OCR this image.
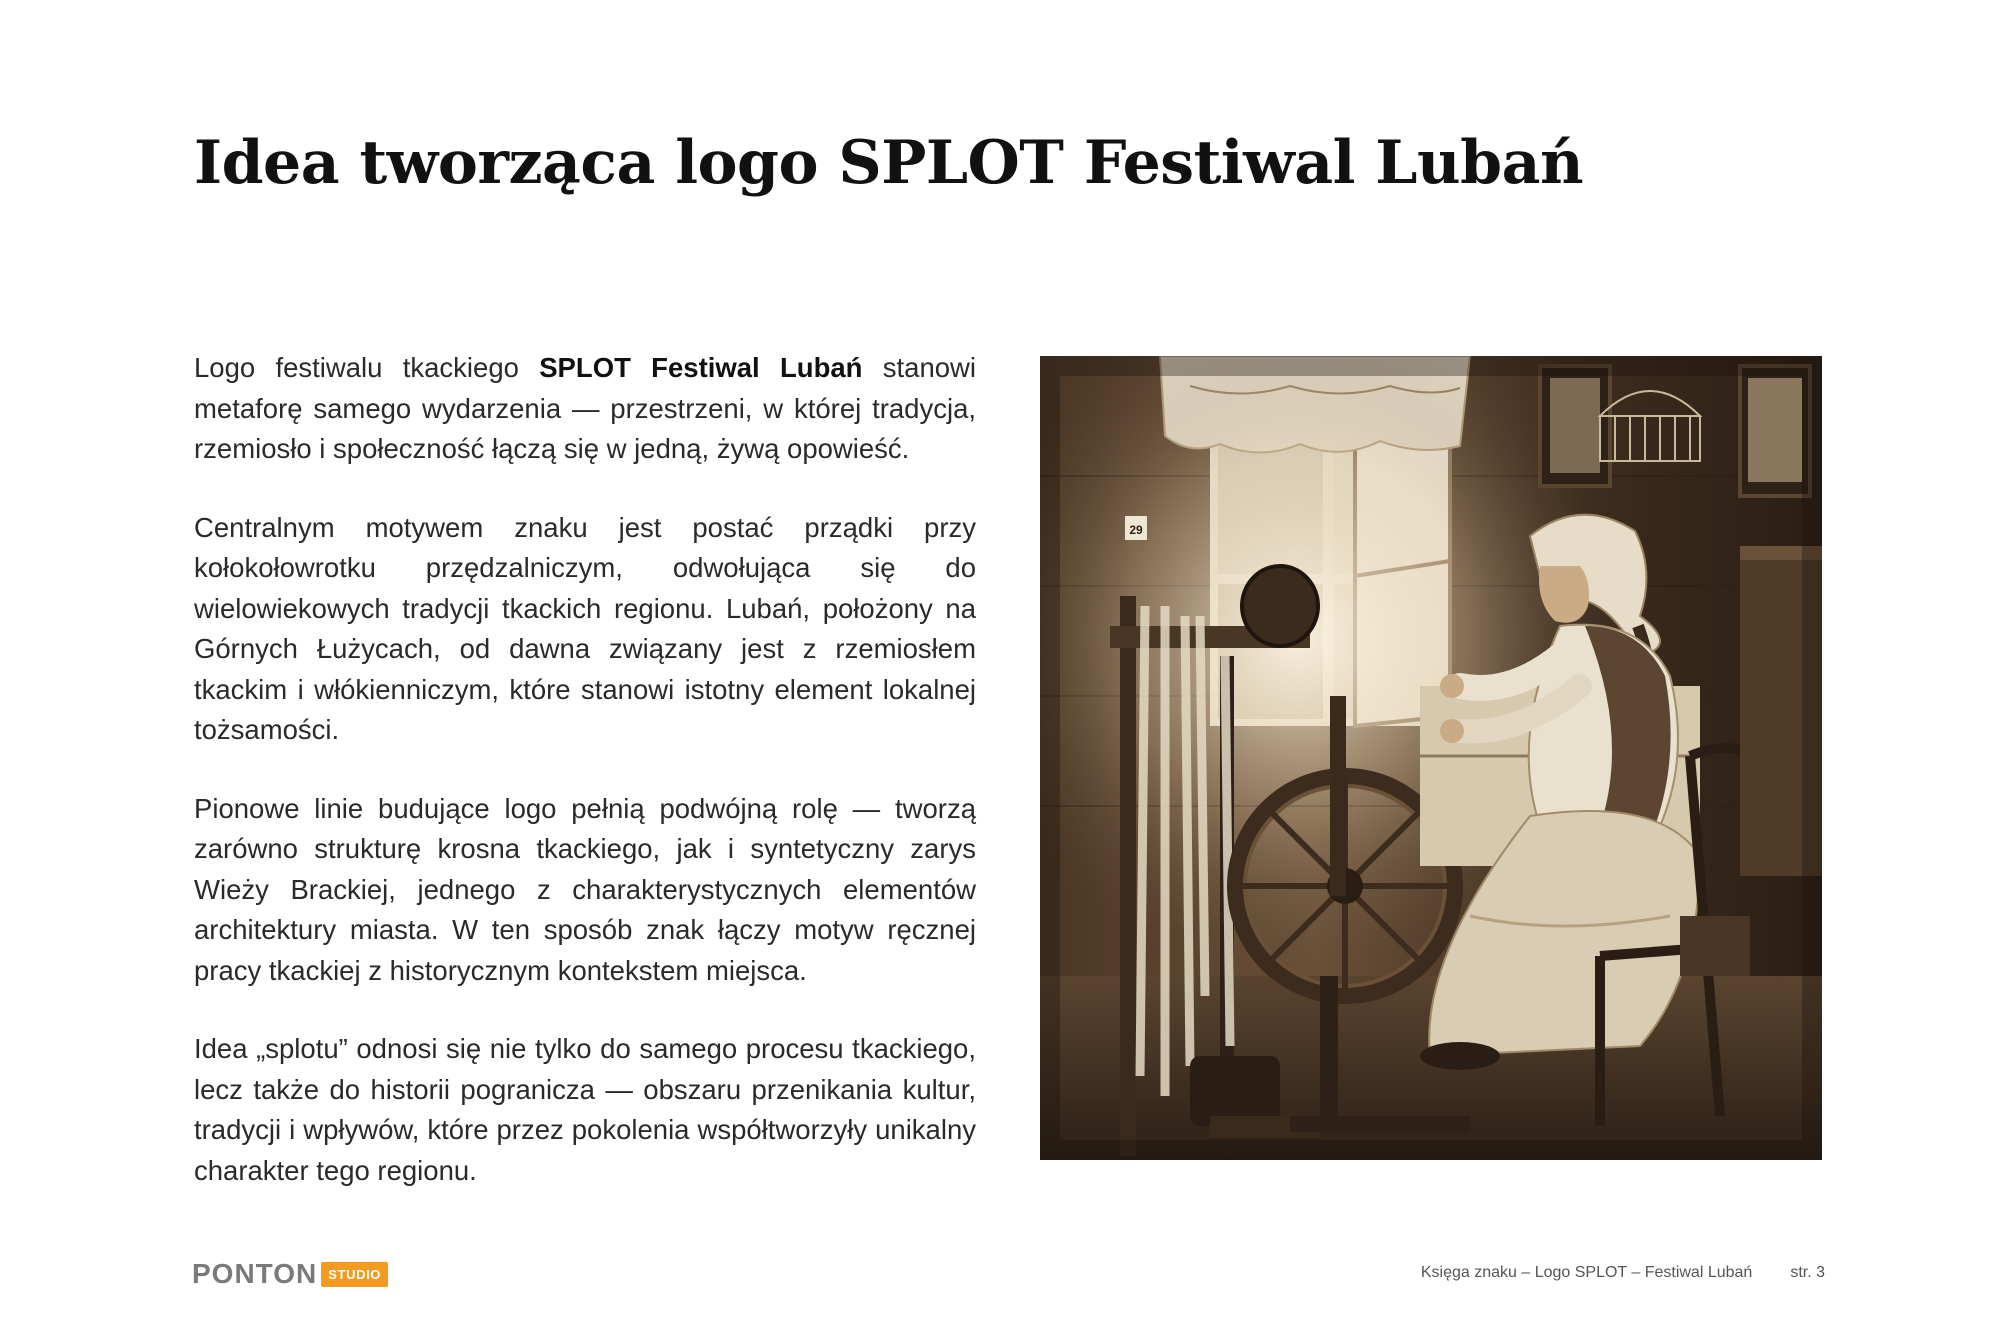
Idea tworząca logo SPLOT Festiwal Lubań

Logo festiwalu tkackiego SPLOT Festiwal Lubań stanowi metaforę samego wydarzenia — przestrzeni, w której tradycja, rzemiosło i społeczność łączą się w jedną, żywą opowieść.

Centralnym motywem znaku jest postać prządki przy kołokołowrotku przędzalniczym, odwołująca się do wielowiekowych tradycji tkackich regionu. Lubań, położony na Górnych Łużycach, od dawna związany jest z rzemiosłem tkackim i włókienniczym, które stanowi istotny element lokalnej tożsamości.

Pionowe linie budujące logo pełnią podwójną rolę — tworzą zarówno strukturę krosna tkackiego, jak i syntetyczny zarys Wieży Brackiej, jednego z charakterystycznych elementów architektury miasta. W ten sposób znak łączy motyw ręcznej pracy tkackiej z historycznym kontekstem miejsca.

Idea „splotu” odnosi się nie tylko do samego procesu tkackiego, lecz także do historii pogranicza — obszaru przenikania kultur, tradycji i wpływów, które przez pokolenia współtworzyły unikalny charakter tego regionu.

29
PONTON STUDIO	Księga znaku – Logo SPLOT – Festiwal Lubań str. 3
